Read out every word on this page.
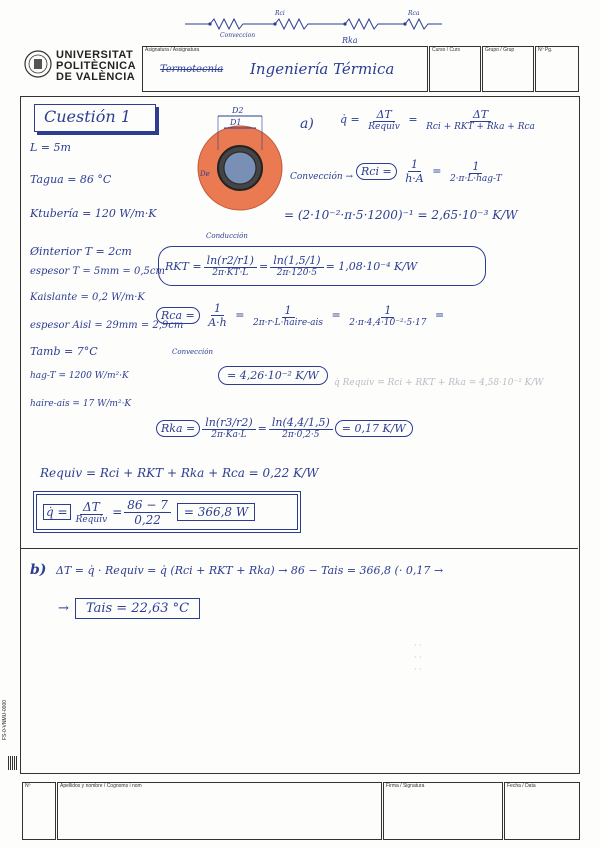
Rci	Rca
Conveccion
Rka
UNIVERSITAT
POLITÈCNICA
DE VALÈNCIA
Asignatura / Assignatura
Termotecnia Ingeniería Térmica
Curso / Curs	Grupo / Grup	Nº Pg.
Cuestión 1
L = 5m
Tagua = 86 °C
Ktubería = 120 W/m·K
Øinterior T = 2cm
espesor T = 5mm = 0,5cm
Kaislante = 0,2 W/m·K
espesor Aisl = 29mm = 2,9cm
Tamb = 7°C
hag-T = 1200 W/m²·K
haire-ais = 17 W/m²·K
D2
D1
De
a) q̇ = $\frac{\Delta T}{\text{Requiv}} = \frac{\Delta T}{\text{Rci + RKT + Rka + Rca}}$
Convección → Rci = $\frac{1}{h\cdot A} = \frac{1}{\text{2·π·L·hag-T}}$
= (2·10⁻²·π·5·1200)⁻¹ = 2,65·10⁻³ K/W
Conducción
RKT = $\frac{\ln(r2/r1)}{2\pi\cdot KT\cdot L} = \frac{\ln(1,5/1)}{2\pi\cdot 120\cdot 5} = 1,08\cdot 10^{-4}$ K/W
Rca = $\frac{1}{A\cdot h} = \frac{1}{\text{2π·r·L·haire-ais}} = \frac{1}{\text{2·π·4,4·10⁻²·5·17}}$ =
Convección
= 4,26·10⁻² K/W
q̇ Requiv = Rci + RKT + Rka = 4,58·10⁻² K/W
Rka = $\frac{\ln(r3/r2)}{2\pi\cdot Ka\cdot L} = \frac{\ln(4,4/1,5)}{2\pi\cdot 0,2\cdot 5} = 0,17$ K/W
Requiv = Rci + RKT + Rka + Rca = 0,22 K/W
q̇ = $\frac{\Delta T}{\text{Requiv}} = \frac{86 - 7}{0,22}$	= 366,8 W
b) ΔT = q̇ · Requiv = q̇ (Rci + RKT + Rka) → 86 − Tais = 366,8 (· 0,17 →
→	Tais = 22,63 °C
· ·
· ·
· ·
FS-0-VNMU-0000
Nº	Apellidos y nombre / Cognoms i nom	Firma / Signatura	Fecha / Data
